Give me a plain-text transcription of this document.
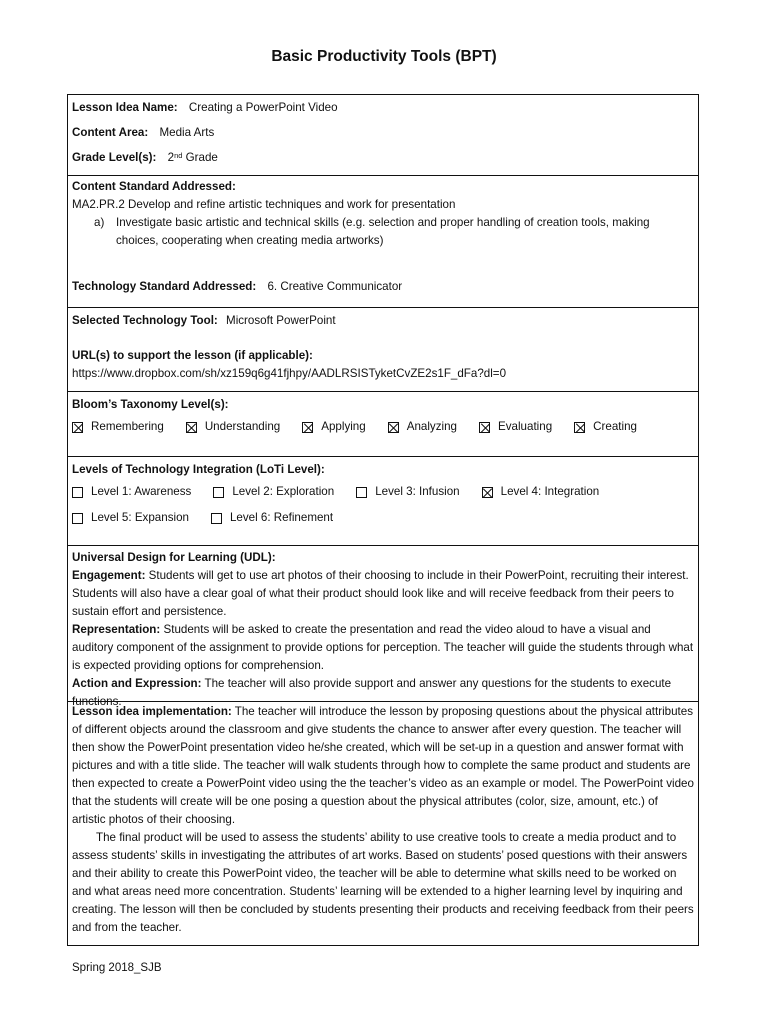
Basic Productivity Tools (BPT)
Lesson Idea Name: Creating a PowerPoint Video
Content Area: Media Arts
Grade Level(s): 2nd Grade
Content Standard Addressed:
MA2.PR.2 Develop and refine artistic techniques and work for presentation
a)	Investigate basic artistic and technical skills (e.g. selection and proper handling of creation tools, making choices, cooperating when creating media artworks)
Technology Standard Addressed: 6. Creative Communicator
Selected Technology Tool: Microsoft PowerPoint
URL(s) to support the lesson (if applicable):
https://www.dropbox.com/sh/xz159q6g41fjhpy/AADLRSISTyketCvZE2s1F_dFa?dl=0
Bloom’s Taxonomy Level(s):
Remembering	Understanding	Applying	Analyzing	Evaluating	Creating
Levels of Technology Integration (LoTi Level):
Level 1: Awareness	Level 2: Exploration	Level 3: Infusion	Level 4: Integration
Level 5: Expansion	Level 6: Refinement
Universal Design for Learning (UDL):

Engagement: Students will get to use art photos of their choosing to include in their PowerPoint, recruiting their interest. Students will also have a clear goal of what their product should look like and will receive feedback from their peers to sustain effort and persistence.

Representation: Students will be asked to create the presentation and read the video aloud to have a visual and auditory component of the assignment to provide options for perception. The teacher will guide the students through what is expected providing options for comprehension.

Action and Expression: The teacher will also provide support and answer any questions for the students to execute functions.

Lesson idea implementation: The teacher will introduce the lesson by proposing questions about the physical attributes of different objects around the classroom and give students the chance to answer after every question. The teacher will then show the PowerPoint presentation video he/she created, which will be set-up in a question and answer format with pictures and with a title slide. The teacher will walk students through how to complete the same product and students are then expected to create a PowerPoint video using the the teacher’s video as an example or model. The PowerPoint video that the students will create will be one posing a question about the physical attributes (color, size, amount, etc.) of artistic photos of their choosing.

The final product will be used to assess the students’ ability to use creative tools to create a media product and to assess students’ skills in investigating the attributes of art works. Based on students’ posed questions with their answers and their ability to create this PowerPoint video, the teacher will be able to determine what skills need to be worked on and what areas need more concentration. Students’ learning will be extended to a higher learning level by inquiring and creating. The lesson will then be concluded by students presenting their products and receiving feedback from their peers and from the teacher.

Spring 2018_SJB
